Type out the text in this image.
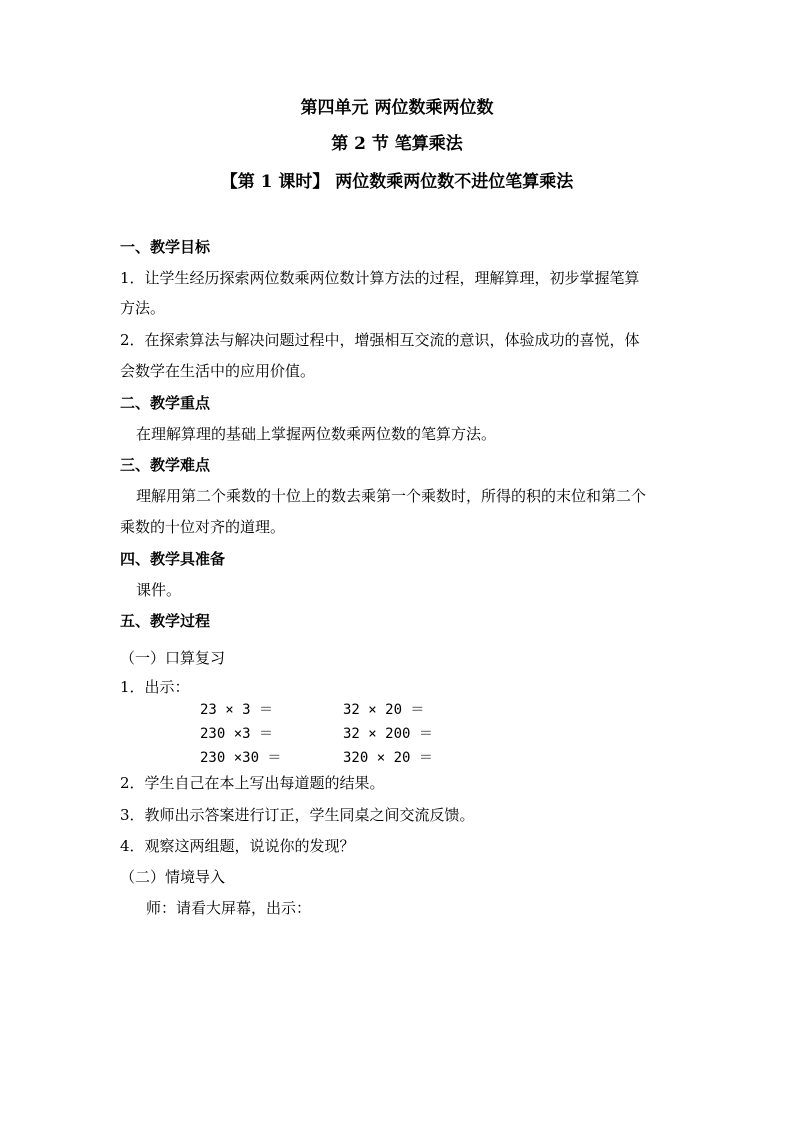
第四单元 两位数乘两位数
第 2 节 笔算乘法
【第 1 课时】 两位数乘两位数不进位笔算乘法
一、教学目标
1．让学生经历探索两位数乘两位数计算方法的过程，理解算理，初步掌握笔算
方法。
2．在探索算法与解决问题过程中，增强相互交流的意识，体验成功的喜悦，体
会数学在生活中的应用价值。
二、教学重点
在理解算理的基础上掌握两位数乘两位数的笔算方法。
三、教学难点
理解用第二个乘数的十位上的数去乘第一个乘数时，所得的积的末位和第二个
乘数的十位对齐的道理。
四、教学具准备
课件。
五、教学过程
（一）口算复习
1．出示：
23 × 3 ＝	32 × 20 ＝
230 ×3 ＝	32 × 200 ＝
230 ×30 ＝	320 × 20 ＝
2．学生自己在本上写出每道题的结果。
3．教师出示答案进行订正，学生同桌之间交流反馈。
4．观察这两组题，说说你的发现？
（二）情境导入
师：请看大屏幕，出示：
